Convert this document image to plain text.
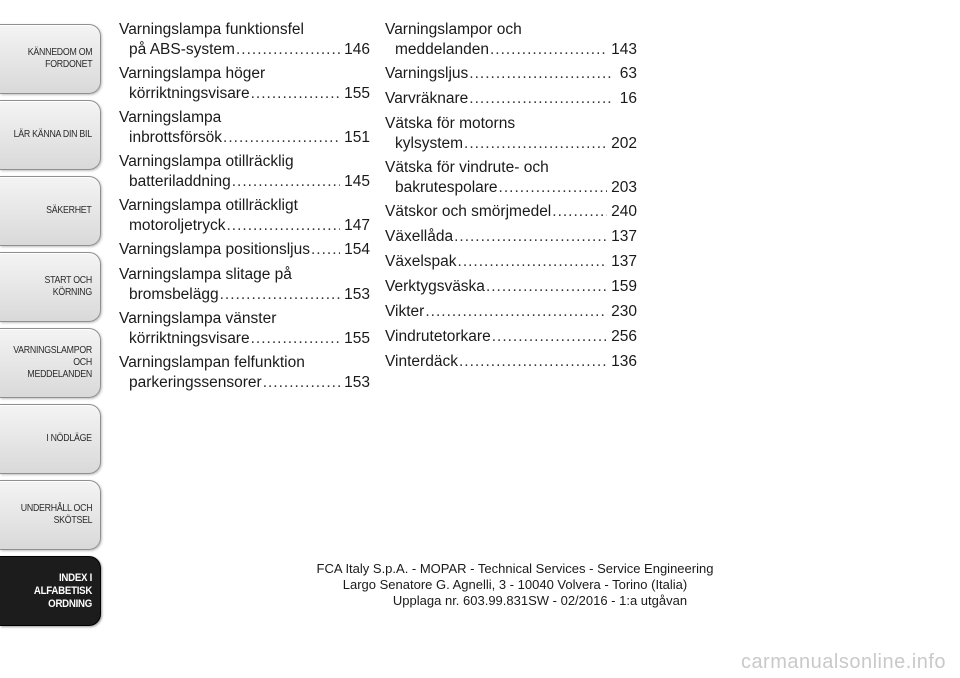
KÄNNEDOM OM
FORDONET
LÄR KÄNNA DIN BIL
SÄKERHET
START OCH
KÖRNING
VARNINGSLAMPOR
OCH MEDDELANDEN
I NÖDLÄGE
UNDERHÅLL OCH
SKÖTSEL
INDEX I
ALFABETISK
ORDNING
Varningslampa funktionsfel
på ABS-system .....	146
Varningslampa höger
körriktningsvisare .....	155
Varningslampa
inbrottsförsök .....	151
Varningslampa otillräcklig
batteriladdning .....	145
Varningslampa otillräckligt
motoroljetryck .....	147
Varningslampa positionsljus ..... 154
Varningslampa slitage på
bromsbelägg .....	153
Varningslampa vänster
körriktningsvisare .....	155
Varningslampan felfunktion
parkeringssensorer .....	153
Varningslampor och
meddelanden .....	143
Varningsljus .....	63
Varvräknare .....	16
Vätska för motorns
kylsystem .....	202
Vätska för vindrute- och
bakrutespolare .....	203
Vätskor och smörjmedel .....	240
Växellåda .....	137
Växelspak .....	137
Verktygsväska .....	159
Vikter .....	230
Vindrutetorkare .....	256
Vinterdäck .....	136
FCA Italy S.p.A. - MOPAR - Technical Services - Service Engineering
Largo Senatore G. Agnelli, 3 - 10040 Volvera - Torino (Italia)
Upplaga nr. 603.99.831SW - 02/2016 - 1:a utgåvan
carmanualsonline.info
